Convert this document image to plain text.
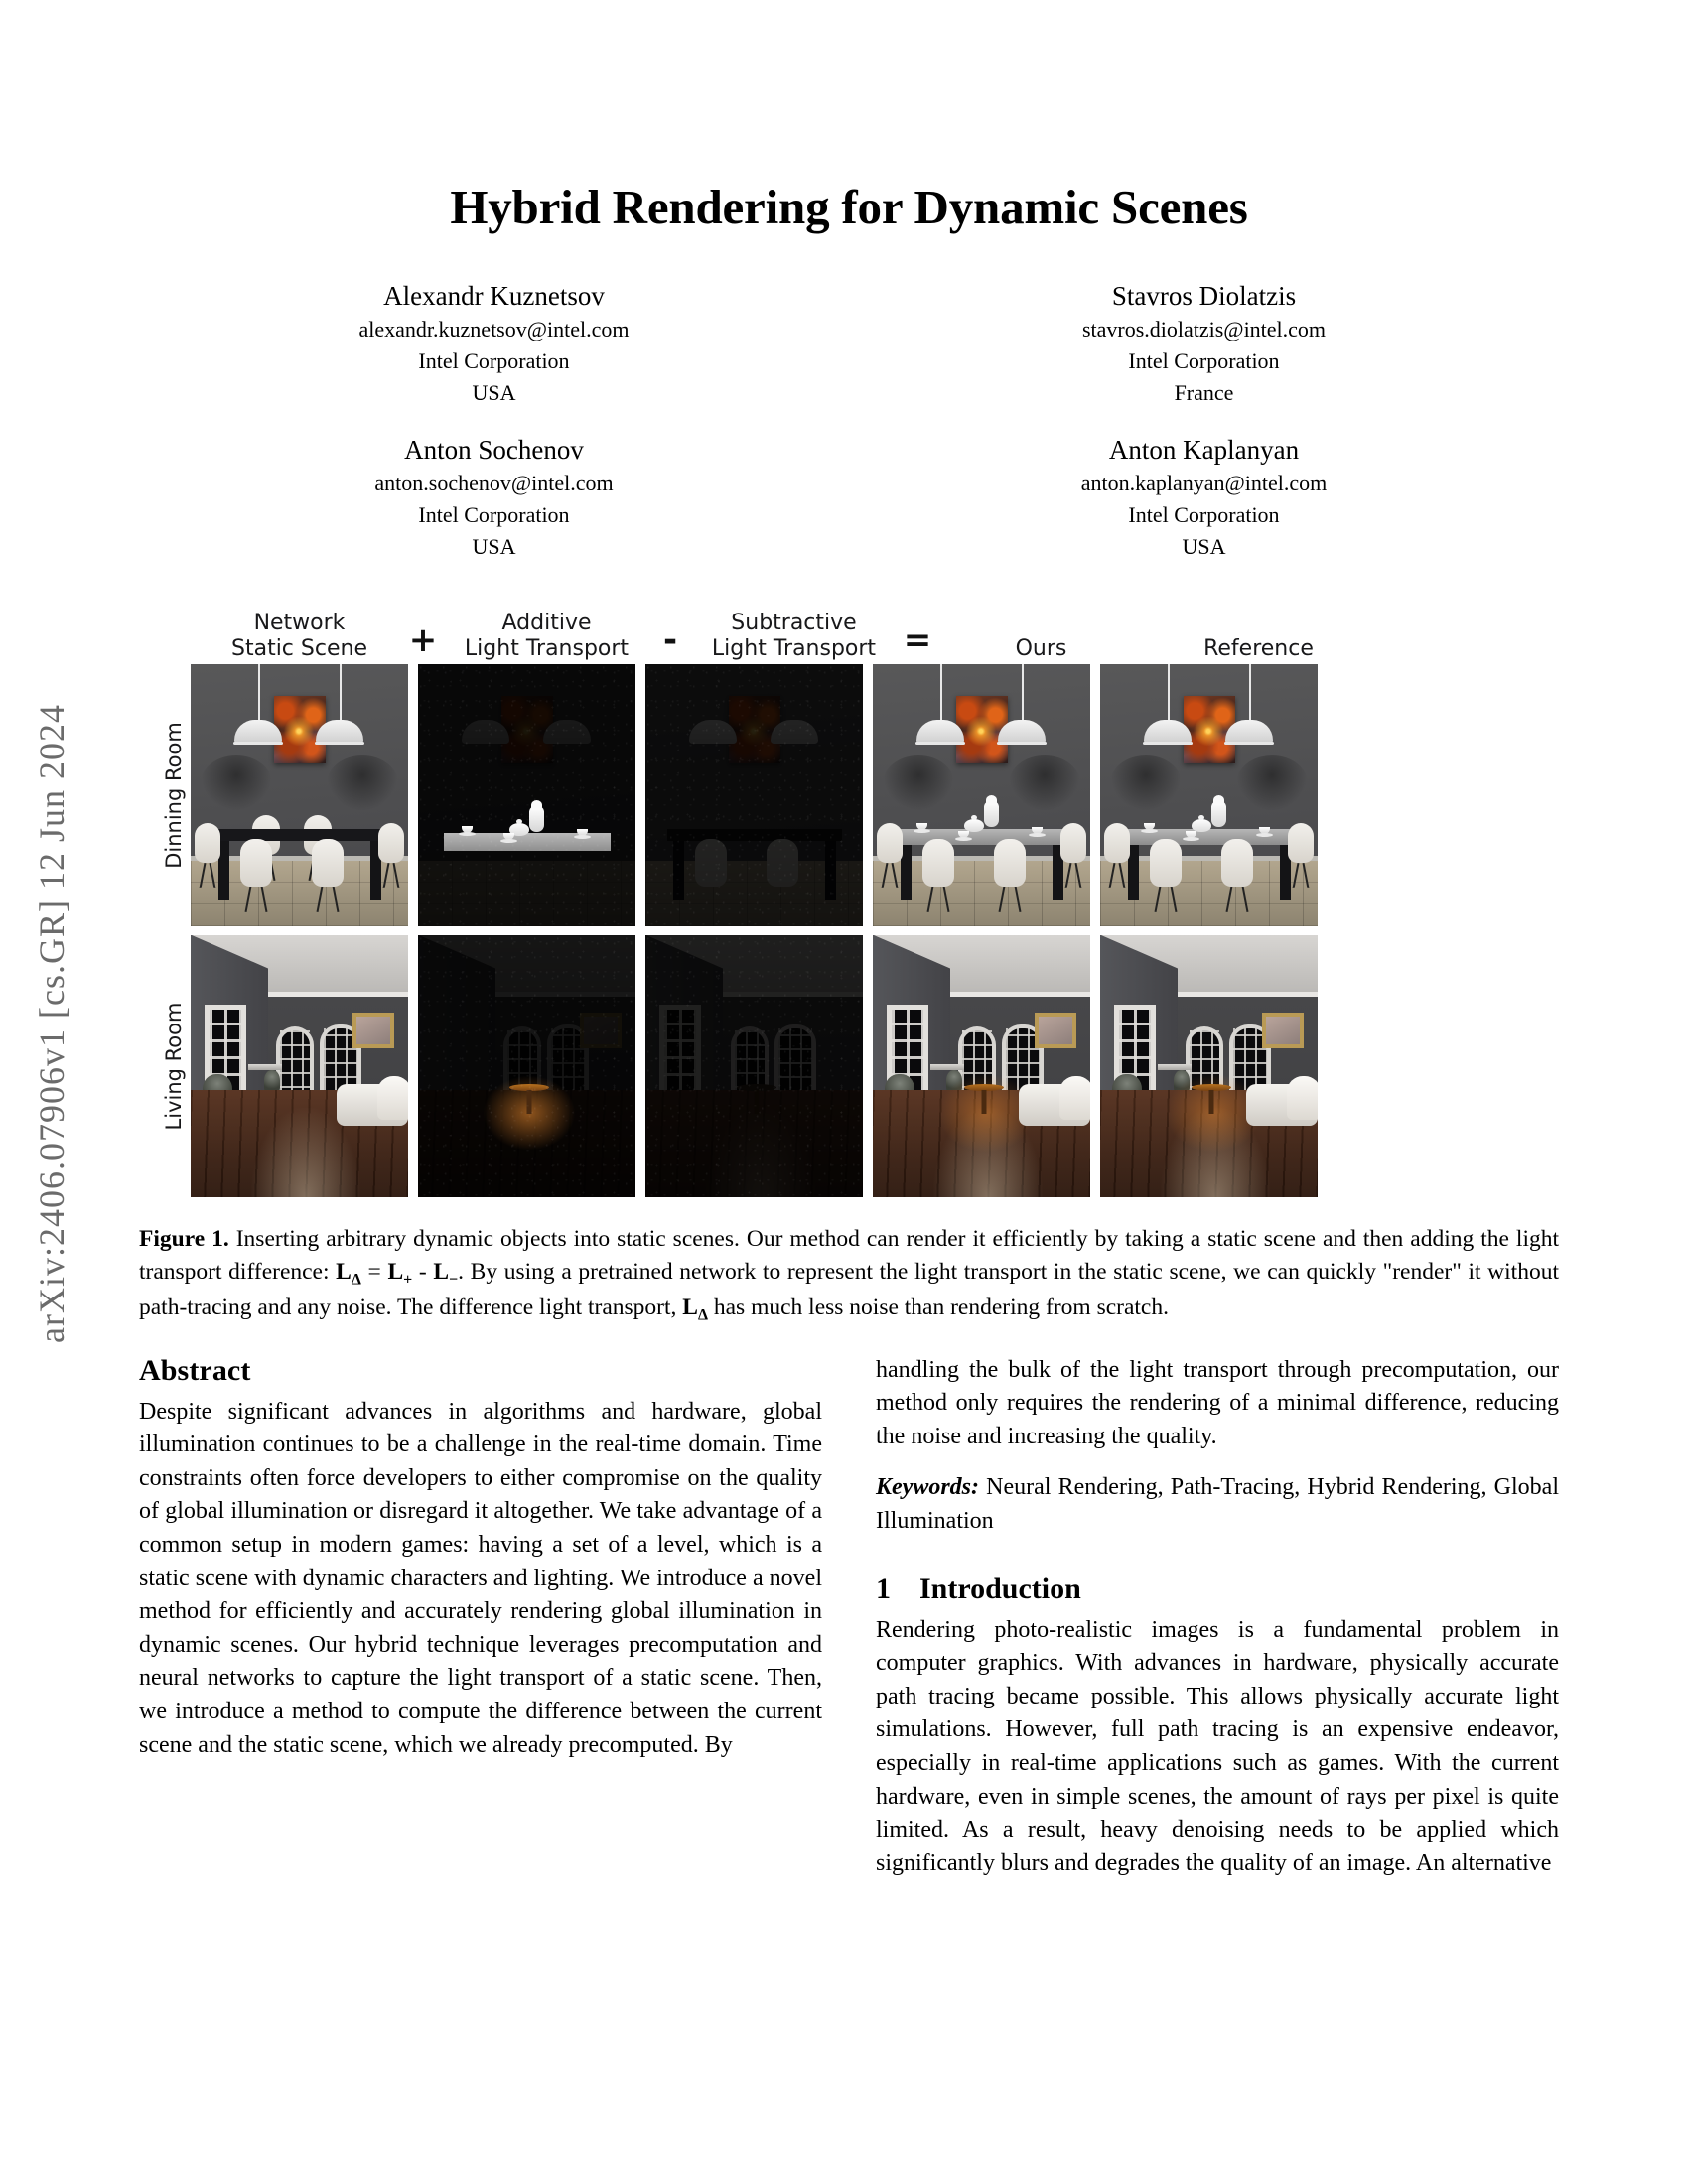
arXiv:2406.07906v1 [cs.GR] 12 Jun 2024
Hybrid Rendering for Dynamic Scenes
Alexandr Kuznetsov
alexandr.kuznetsov@intel.com
Intel Corporation
USA
Stavros Diolatzis
stavros.diolatzis@intel.com
Intel Corporation
France
Anton Sochenov
anton.sochenov@intel.com
Intel Corporation
USA
Anton Kaplanyan
anton.kaplanyan@intel.com
Intel Corporation
USA
Network
Static Scene	+	Additive
Light Transport	-	Subtractive
Light Transport =	Ours	Reference
Dinning Room
Living Room
Figure 1. Inserting arbitrary dynamic objects into static scenes. Our method can render it efficiently by taking a static scene and then adding the light transport difference: $L_\Delta = L_+ - L_-$. By using a pretrained network to represent the light transport in the static scene, we can quickly "render" it without path-tracing and any noise. The difference light transport, $L_\Delta$ has much less noise than rendering from scratch.
Abstract

Despite significant advances in algorithms and hardware, global illumination continues to be a challenge in the real-time domain. Time constraints often force developers to either compromise on the quality of global illumination or disregard it altogether. We take advantage of a common setup in modern games: having a set of a level, which is a static scene with dynamic characters and lighting. We introduce a novel method for efficiently and accurately rendering global illumination in dynamic scenes. Our hybrid technique leverages precomputation and neural networks to capture the light transport of a static scene. Then, we introduce a method to compute the difference between the current scene and the static scene, which we already precomputed. By

handling the bulk of the light transport through precomputation, our method only requires the rendering of a minimal difference, reducing the noise and increasing the quality.

Keywords: Neural Rendering, Path-Tracing, Hybrid Rendering, Global Illumination

1 Introduction

Rendering photo-realistic images is a fundamental problem in computer graphics. With advances in hardware, physically accurate path tracing became possible. This allows physically accurate light simulations. However, full path tracing is an expensive endeavor, especially in real-time applications such as games. With the current hardware, even in simple scenes, the amount of rays per pixel is quite limited. As a result, heavy denoising needs to be applied which significantly blurs and degrades the quality of an image. An alternative
